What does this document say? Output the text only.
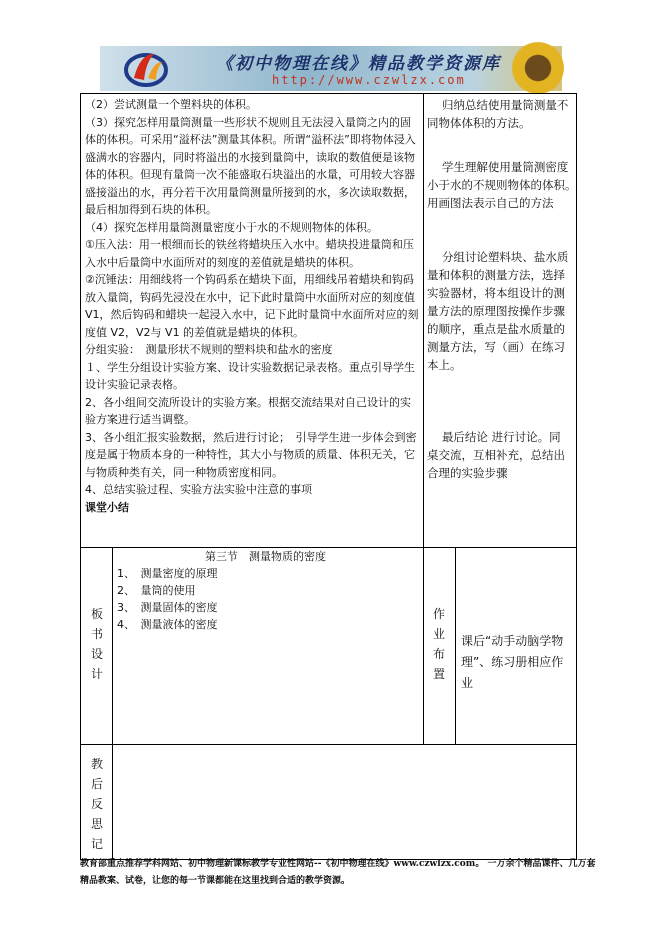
《初中物理在线》精品教学资源库
http://www.czwlzx.com

（2）尝试测量一个塑料块的体积。

（3）探究怎样用量筒测量一些形状不规则且无法浸入量筒之内的固体的体积。可采用“溢杯法”测量其体积。所谓“溢杯法”即将物体浸入盛满水的容器内，同时将溢出的水接到量筒中，读取的数值便是该物体的体积。但现有量筒一次不能盛取石块溢出的水量，可用较大容器盛接溢出的水，再分若干次用量筒测量所接到的水，多次读取数据，最后相加得到石块的体积。

（4）探究怎样用量筒测量密度小于水的不规则物体的体积。

①压入法：用一根细而长的铁丝将蜡块压入水中。蜡块投进量筒和压入水中后量筒中水面所对的刻度的差值就是蜡块的体积。

②沉锤法：用细线将一个钩码系在蜡块下面，用细线吊着蜡块和钩码放入量筒，钩码先浸没在水中，记下此时量筒中水面所对应的刻度值 V1，然后钩码和蜡块一起浸入水中，记下此时量筒中水面所对应的刻度值 V2，V2与 V1 的差值就是蜡块的体积。

分组实验：　测量形状不规则的塑料块和盐水的密度

１、学生分组设计实验方案、设计实验数据记录表格。重点引导学生设计实验记录表格。

2、各小组间交流所设计的实验方案。根据交流结果对自己设计的实验方案进行适当调整。

3、各小组汇报实验数据，然后进行讨论；　引导学生进一步体会到密度是属于物质本身的一种特性，其大小与物质的质量、体积无关，它与物质种类有关，同一种物质密度相同。

4、总结实验过程、实验方法实验中注意的事项

课堂小结

归纳总结使用量筒测量不同物体体积的方法。

学生理解使用量筒测密度小于水的不规则物体的体积。　用画图法表示自己的方法

分组讨论塑料块、盐水质量和体积的测量方法，选择实验器材，将本组设计的测量方法的原理图按操作步骤的顺序，重点是盐水质量的测量方法，写（画）在练习本上。

最后结论 进行讨论。同桌交流，互相补充，总结出合理的实验步骤

板书设计

第三节　测量物质的密度

1、　测量密度的原理

2、　量筒的使用

3、　测量固体的密度

4、　测量液体的密度

作业布置

课后“动手动脑学物理”、练习册相应作业

教后反思记
教育部重点推荐学科网站、初中物理新课标教学专业性网站--《初中物理在线》www.czwlzx.com。 一万余个精品课件、几万套精品教案、试卷，让您的每一节课都能在这里找到合适的教学资源。
